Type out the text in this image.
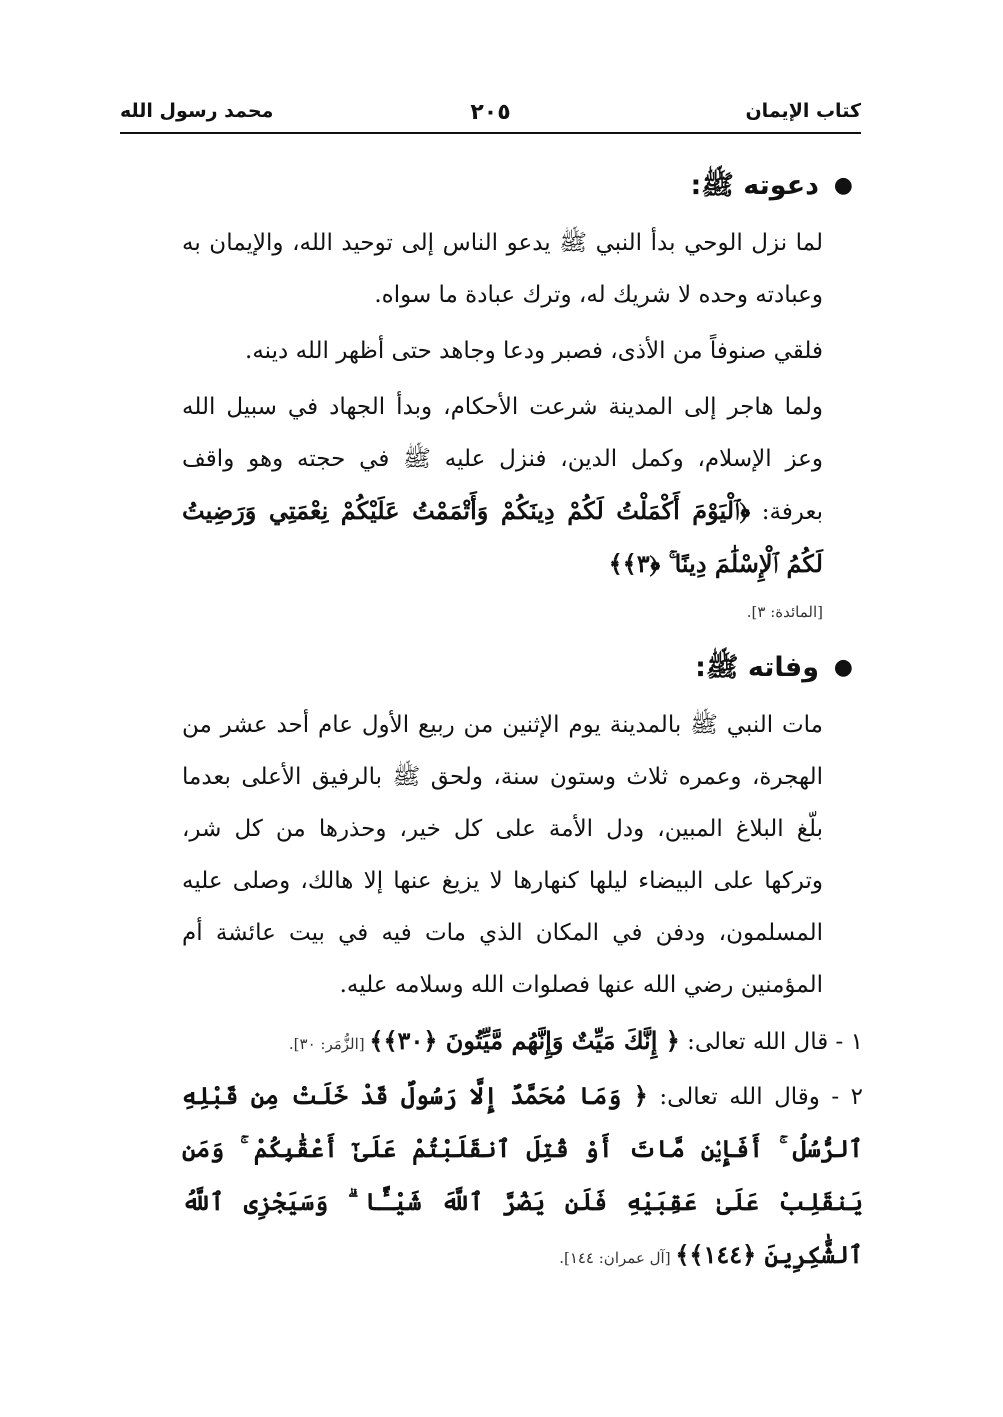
كتاب الإيمان
٢٠٥
محمد رسول الله
●
دعوته ﷺ:

لما نزل الوحي بدأ النبي ﷺ يدعو الناس إلى توحيد الله، والإيمان به وعبادته وحده لا شريك له، وترك عبادة ما سواه.

فلقي صنوفاً من الأذى، فصبر ودعا وجاهد حتى أظهر الله دينه.

ولما هاجر إلى المدينة شرعت الأحكام، وبدأ الجهاد في سبيل الله وعز الإسلام، وكمل الدين، فنزل عليه ﷺ في حجته وهو واقف بعرفة: ﴿ٱلْيَوْمَ أَكْمَلْتُ لَكُمْ دِينَكُمْ وَأَتْمَمْتُ عَلَيْكُمْ نِعْمَتِي وَرَضِيتُ لَكُمُ ٱلْإِسْلَٰمَ دِينًا ۚ ﴿٣﴾﴾

[المائدة: ٣].

●
وفاته ﷺ:

مات النبي ﷺ بالمدينة يوم الإثنين من ربيع الأول عام أحد عشر من الهجرة، وعمره ثلاث وستون سنة، ولحق ﷺ بالرفيق الأعلى بعدما بلّغ البلاغ المبين، ودل الأمة على كل خير، وحذرها من كل شر، وتركها على البيضاء ليلها كنهارها لا يزيغ عنها إلا هالك، وصلى عليه المسلمون، ودفن في المكان الذي مات فيه في بيت عائشة أم المؤمنين رضي الله عنها فصلوات الله وسلامه عليه.

١ - قال الله تعالى: ﴿ إِنَّكَ مَيِّتٌ وَإِنَّهُم مَّيِّتُونَ ﴿٣٠﴾﴾ [الزُّمَر: ٣٠].

٢ - وقال الله تعالى: ﴿ وَمَا مُحَمَّدٌ إِلَّا رَسُولٌ قَدْ خَلَتْ مِن قَبْلِهِ ٱلرُّسُلُ ۚ أَفَإِي۟ن مَّاتَ أَوْ قُتِلَ ٱنقَلَبْتُمْ عَلَىٰٓ أَعْقَٰبِكُمْ ۚ وَمَن يَنقَلِبْ عَلَىٰ عَقِبَيْهِ فَلَن يَضُرَّ ٱللَّهَ شَيْـًٔا ۗ وَسَيَجْزِى ٱللَّهُ ٱلشَّٰكِرِينَ ﴿١٤٤﴾﴾ [آل عمران: ١٤٤].
